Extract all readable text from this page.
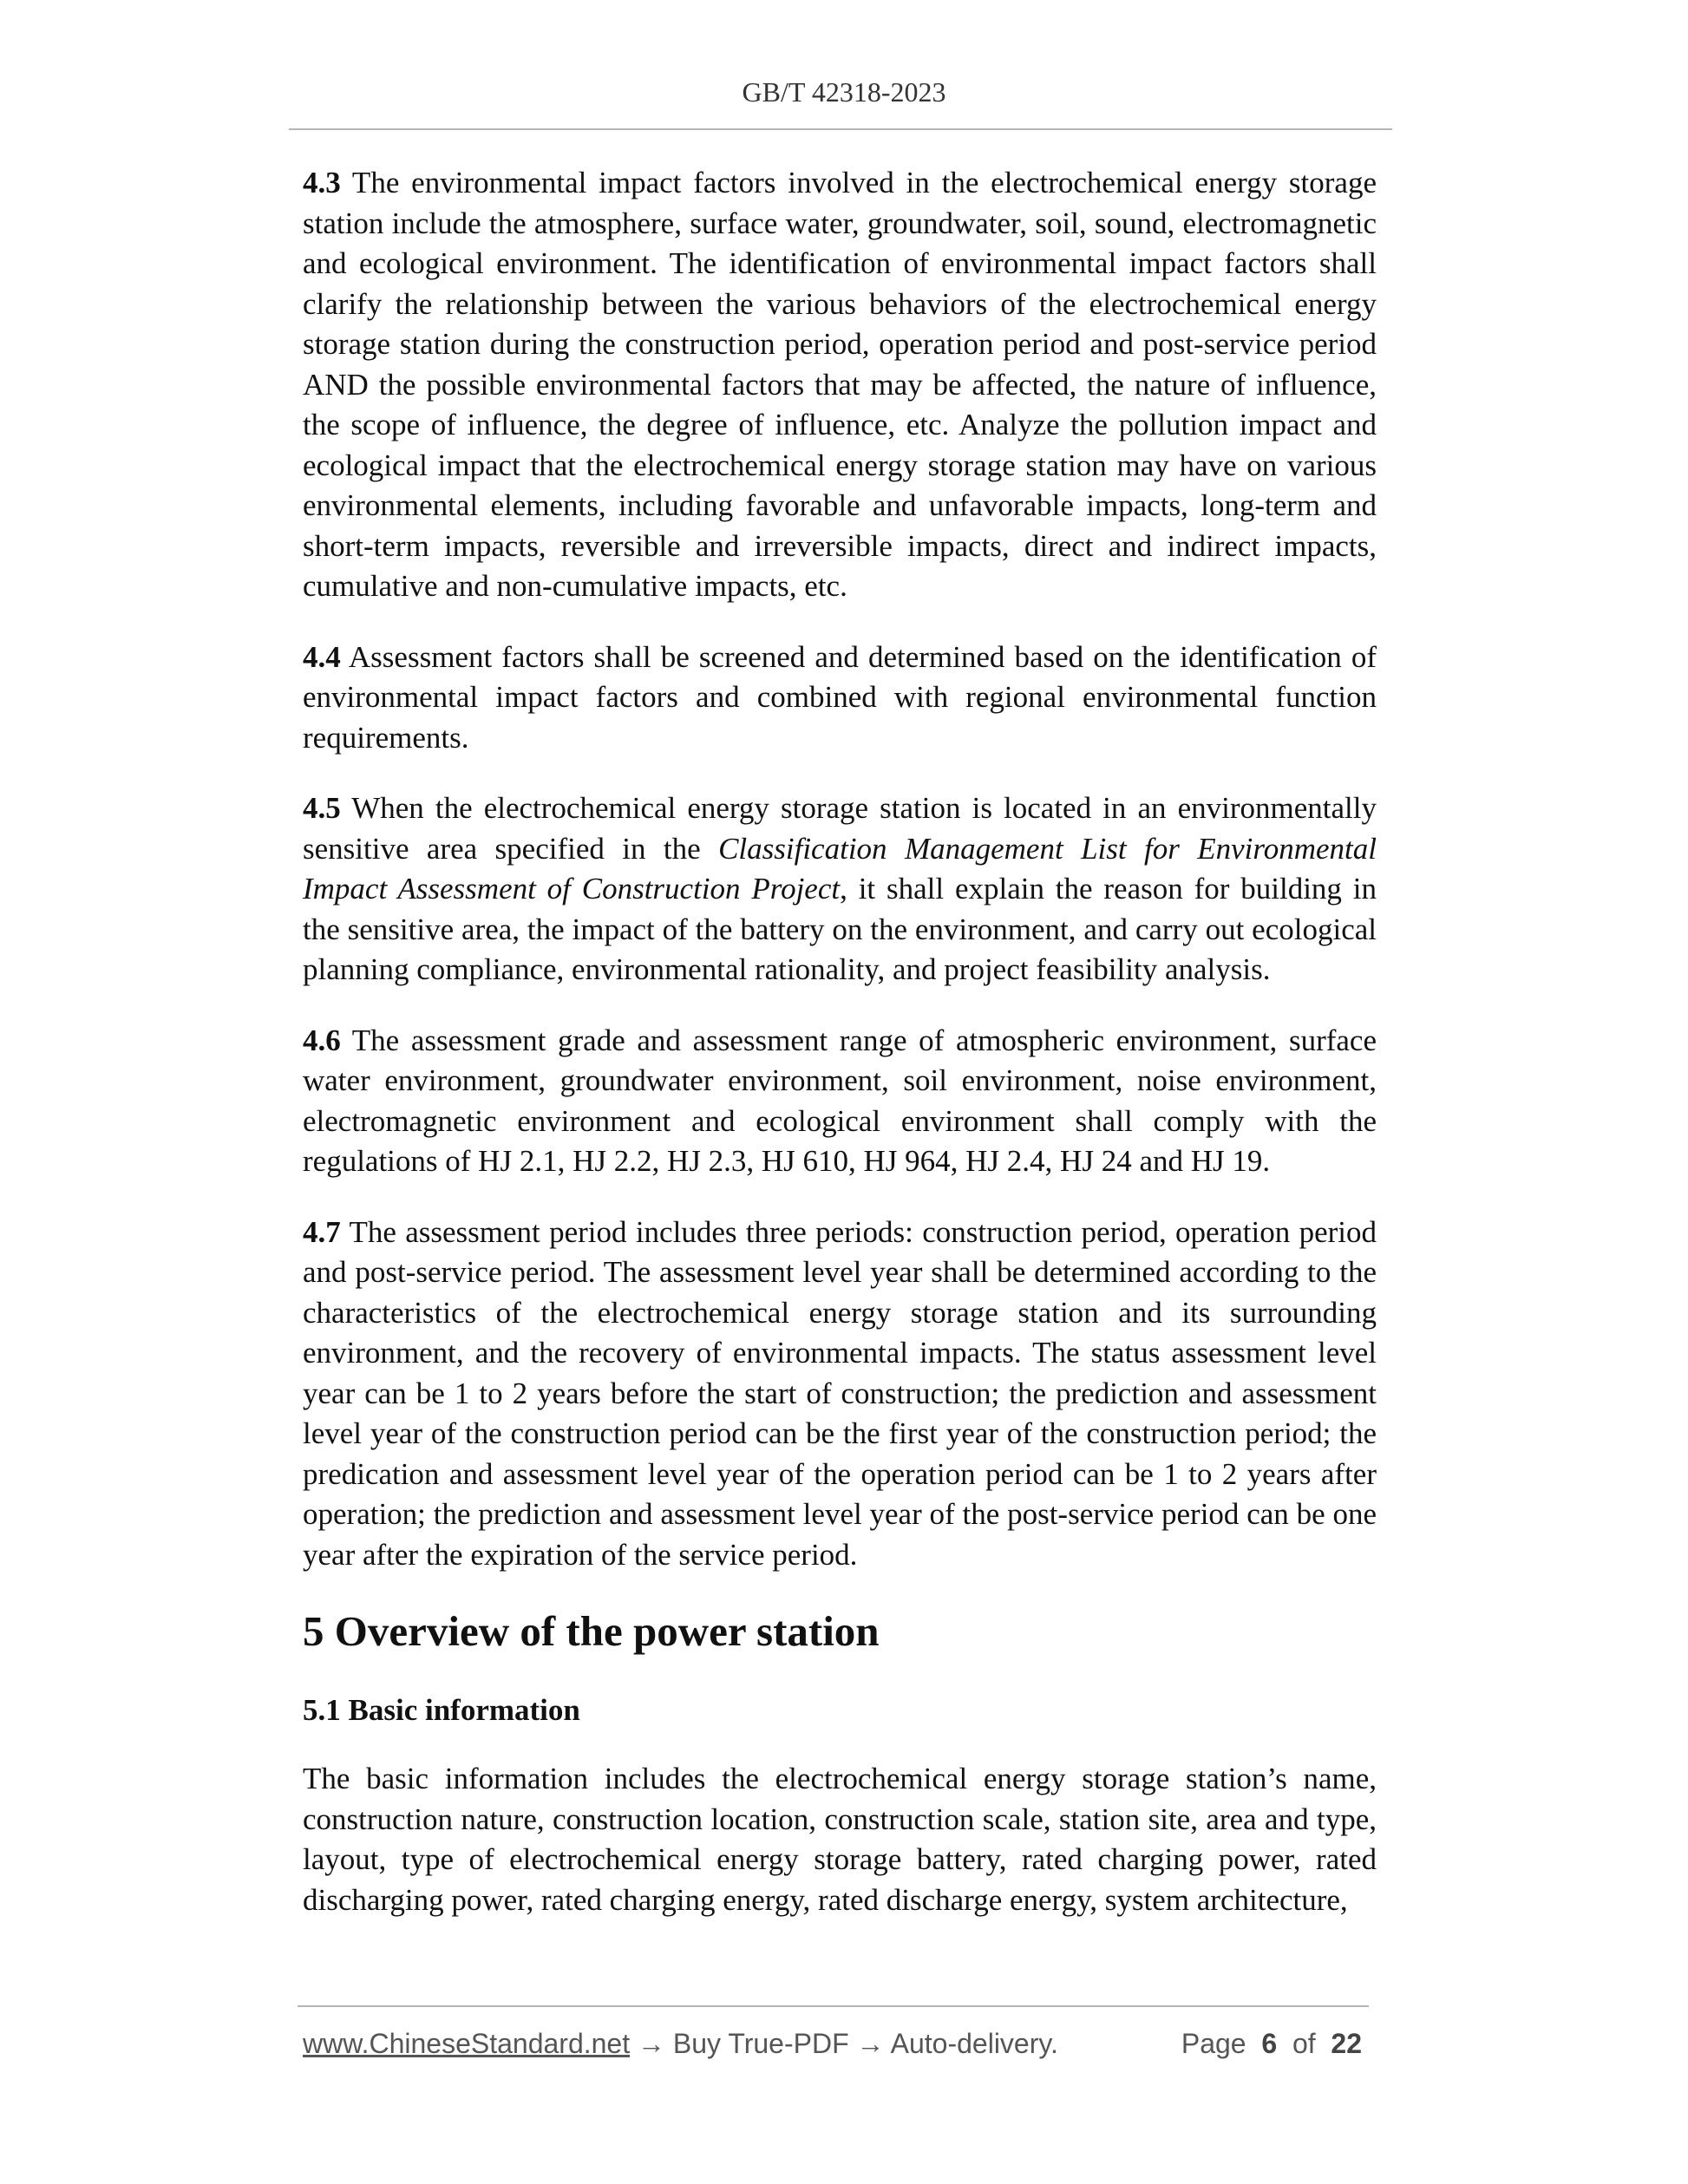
GB/T 42318-2023

4.3 The environmental impact factors involved in the electrochemical energy storage station include the atmosphere, surface water, groundwater, soil, sound, electromagnetic and ecological environment. The identification of environmental impact factors shall clarify the relationship between the various behaviors of the electrochemical energy storage station during the construction period, operation period and post-service period AND the possible environmental factors that may be affected, the nature of influence, the scope of influence, the degree of influence, etc. Analyze the pollution impact and ecological impact that the electrochemical energy storage station may have on various environmental elements, including favorable and unfavorable impacts, long-term and short-term impacts, reversible and irreversible impacts, direct and indirect impacts, cumulative and non-cumulative impacts, etc.

4.4 Assessment factors shall be screened and determined based on the identification of environmental impact factors and combined with regional environmental function requirements.

4.5 When the electrochemical energy storage station is located in an environmentally sensitive area specified in the Classification Management List for Environmental Impact Assessment of Construction Project, it shall explain the reason for building in the sensitive area, the impact of the battery on the environment, and carry out ecological planning compliance, environmental rationality, and project feasibility analysis.

4.6 The assessment grade and assessment range of atmospheric environment, surface water environment, groundwater environment, soil environment, noise environment, electromagnetic environment and ecological environment shall comply with the regulations of HJ 2.1, HJ 2.2, HJ 2.3, HJ 610, HJ 964, HJ 2.4, HJ 24 and HJ 19.

4.7 The assessment period includes three periods: construction period, operation period and post-service period. The assessment level year shall be determined according to the characteristics of the electrochemical energy storage station and its surrounding environment, and the recovery of environmental impacts. The status assessment level year can be 1 to 2 years before the start of construction; the prediction and assessment level year of the construction period can be the first year of the construction period; the predication and assessment level year of the operation period can be 1 to 2 years after operation; the prediction and assessment level year of the post-service period can be one year after the expiration of the service period.

5 Overview of the power station
5.1 Basic information

The basic information includes the electrochemical energy storage station’s name, construction nature, construction location, construction scale, station site, area and type, layout, type of electrochemical energy storage battery, rated charging power, rated discharging power, rated charging energy, rated discharge energy, system architecture,

www.ChineseStandard.net → Buy True-PDF → Auto-delivery.	Page 6 of 22
